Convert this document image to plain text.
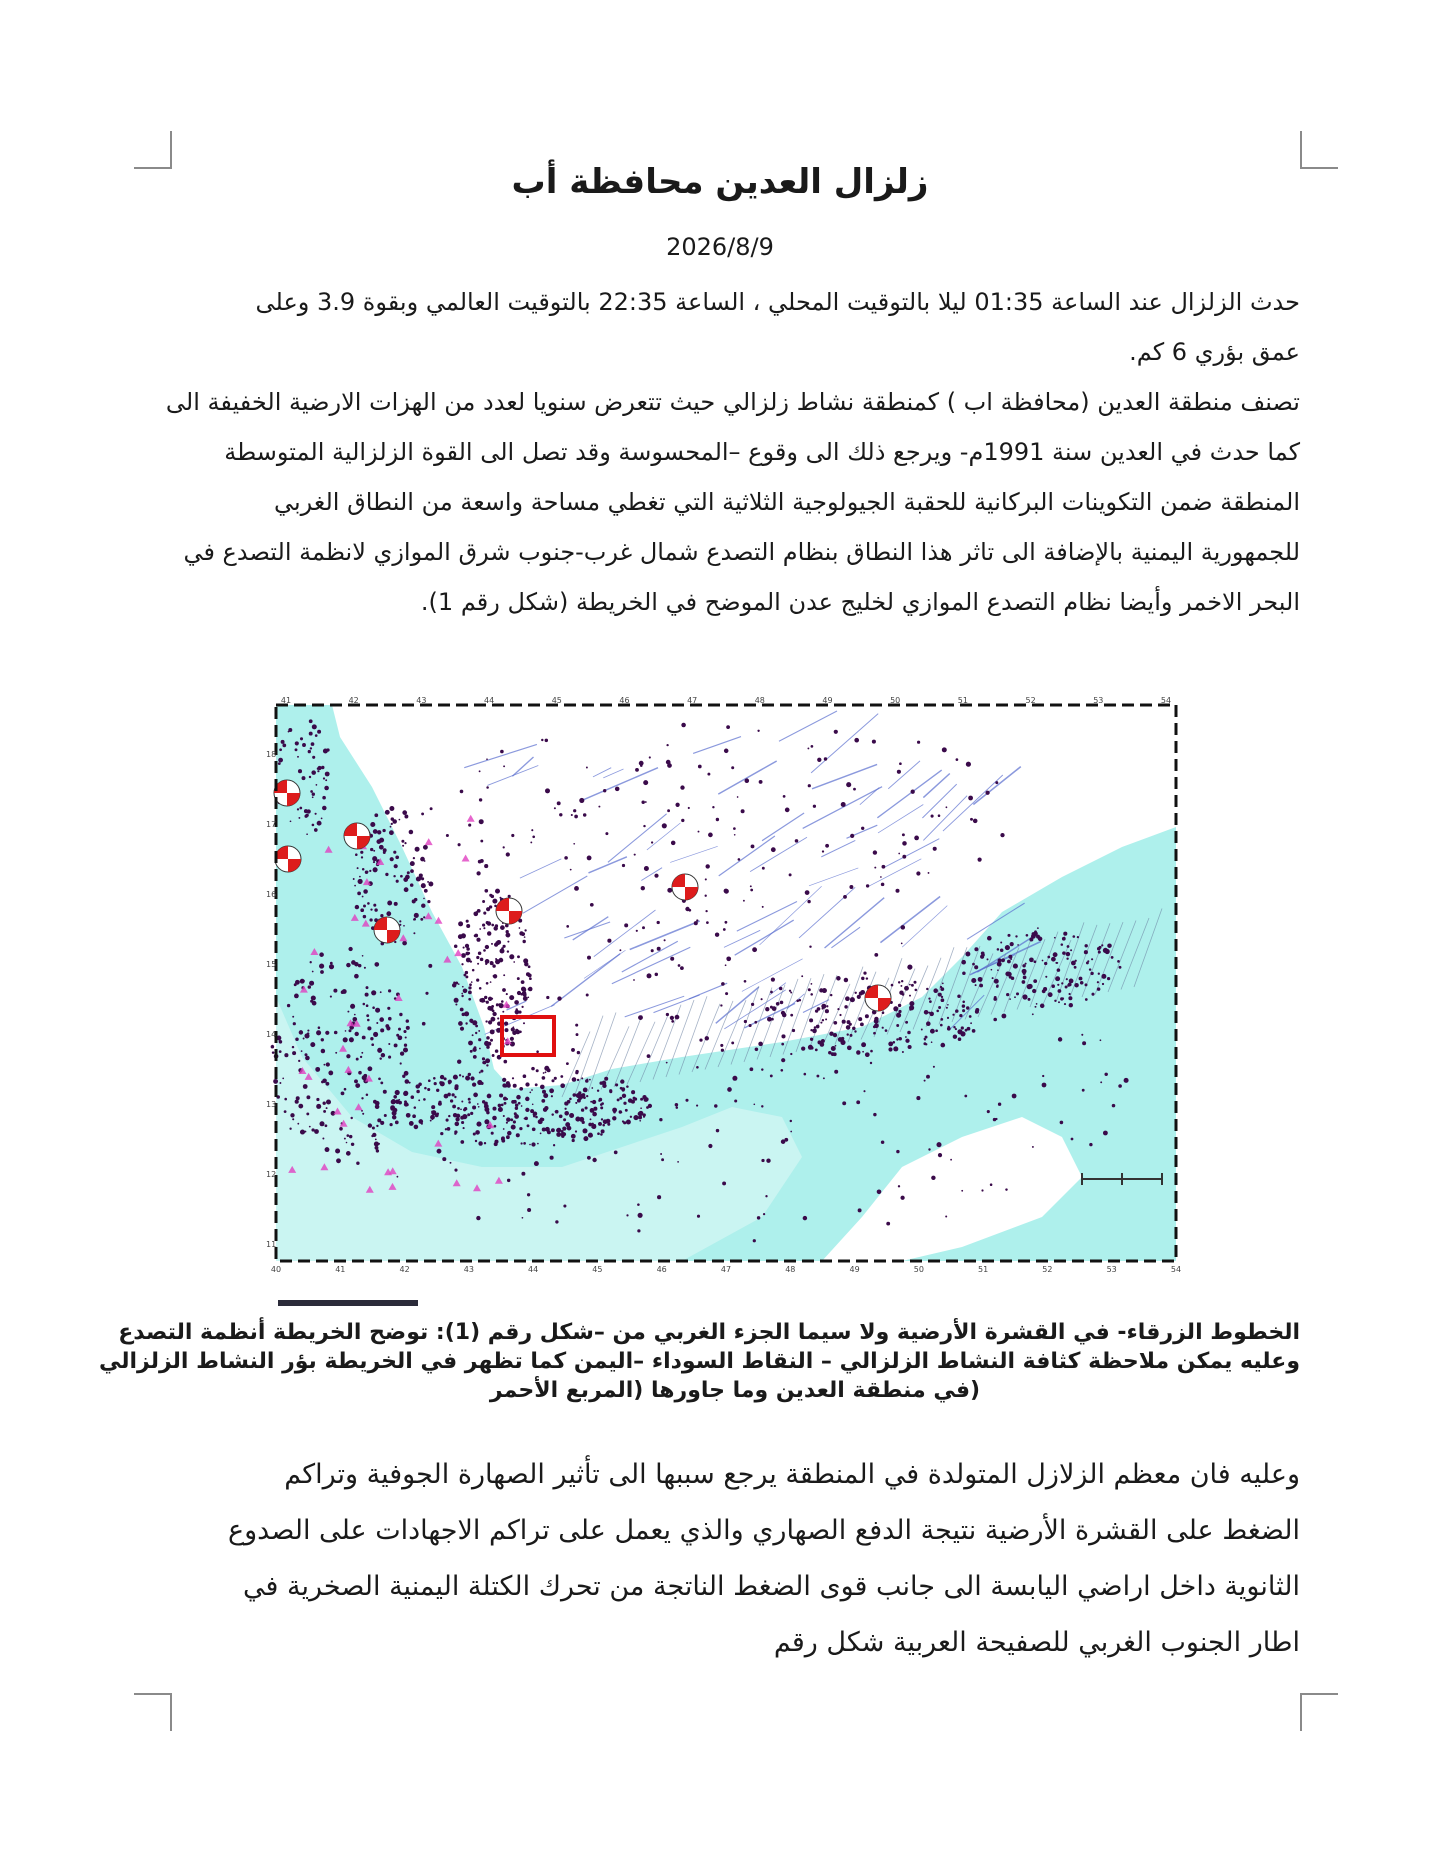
زلزال العدين محافظة أب
2026/8/9
حدث الزلزال عند الساعة 01:35 ليلا بالتوقيت المحلي ، الساعة 22:35 بالتوقيت العالمي وبقوة 3.9 وعلى
عمق بؤري 6 كم.
تصنف منطقة العدين (محافظة اب ) كمنطقة نشاط زلزالي حيث تتعرض سنويا لعدد من الهزات الارضية الخفيفة الى
كما حدث في العدين سنة 1991م- ويرجع ذلك الى وقوع –المحسوسة وقد تصل الى القوة الزلزالية المتوسطة
المنطقة ضمن التكوينات البركانية للحقبة الجيولوجية الثلاثية التي تغطي مساحة واسعة من النطاق الغربي
للجمهورية اليمنية بالإضافة الى تاثر هذا النطاق بنظام التصدع شمال غرب-جنوب شرق الموازي لانظمة التصدع في
البحر الاخمر وأيضا نظام التصدع الموازي لخليج عدن الموضح في الخريطة (شكل رقم 1).
41	42	43	44	45	46	47	48	49	50	51	52	53	54
40	41	42	43	44	45	46	47	48	49	50	51	52	53	54
18
17
16
15
14
13
12
11
الخطوط الزرقاء- في القشرة الأرضية ولا سيما الجزء الغربي من –شكل رقم (1): توضح الخريطة أنظمة التصدع
وعليه يمكن ملاحظة كثافة النشاط الزلزالي – النقاط السوداء –اليمن كما تظهر في الخريطة بؤر النشاط الزلزالي
(في منطقة العدين وما جاورها (المربع الأحمر
وعليه فان معظم الزلازل المتولدة في المنطقة يرجع سببها الى تأثير الصهارة الجوفية وتراكم
الضغط على القشرة الأرضية نتيجة الدفع الصهاري والذي يعمل على تراكم الاجهادات على الصدوع
الثانوية داخل اراضي اليابسة الى جانب قوى الضغط الناتجة من تحرك الكتلة اليمنية الصخرية في
اطار الجنوب الغربي للصفيحة العربية شكل رقم
